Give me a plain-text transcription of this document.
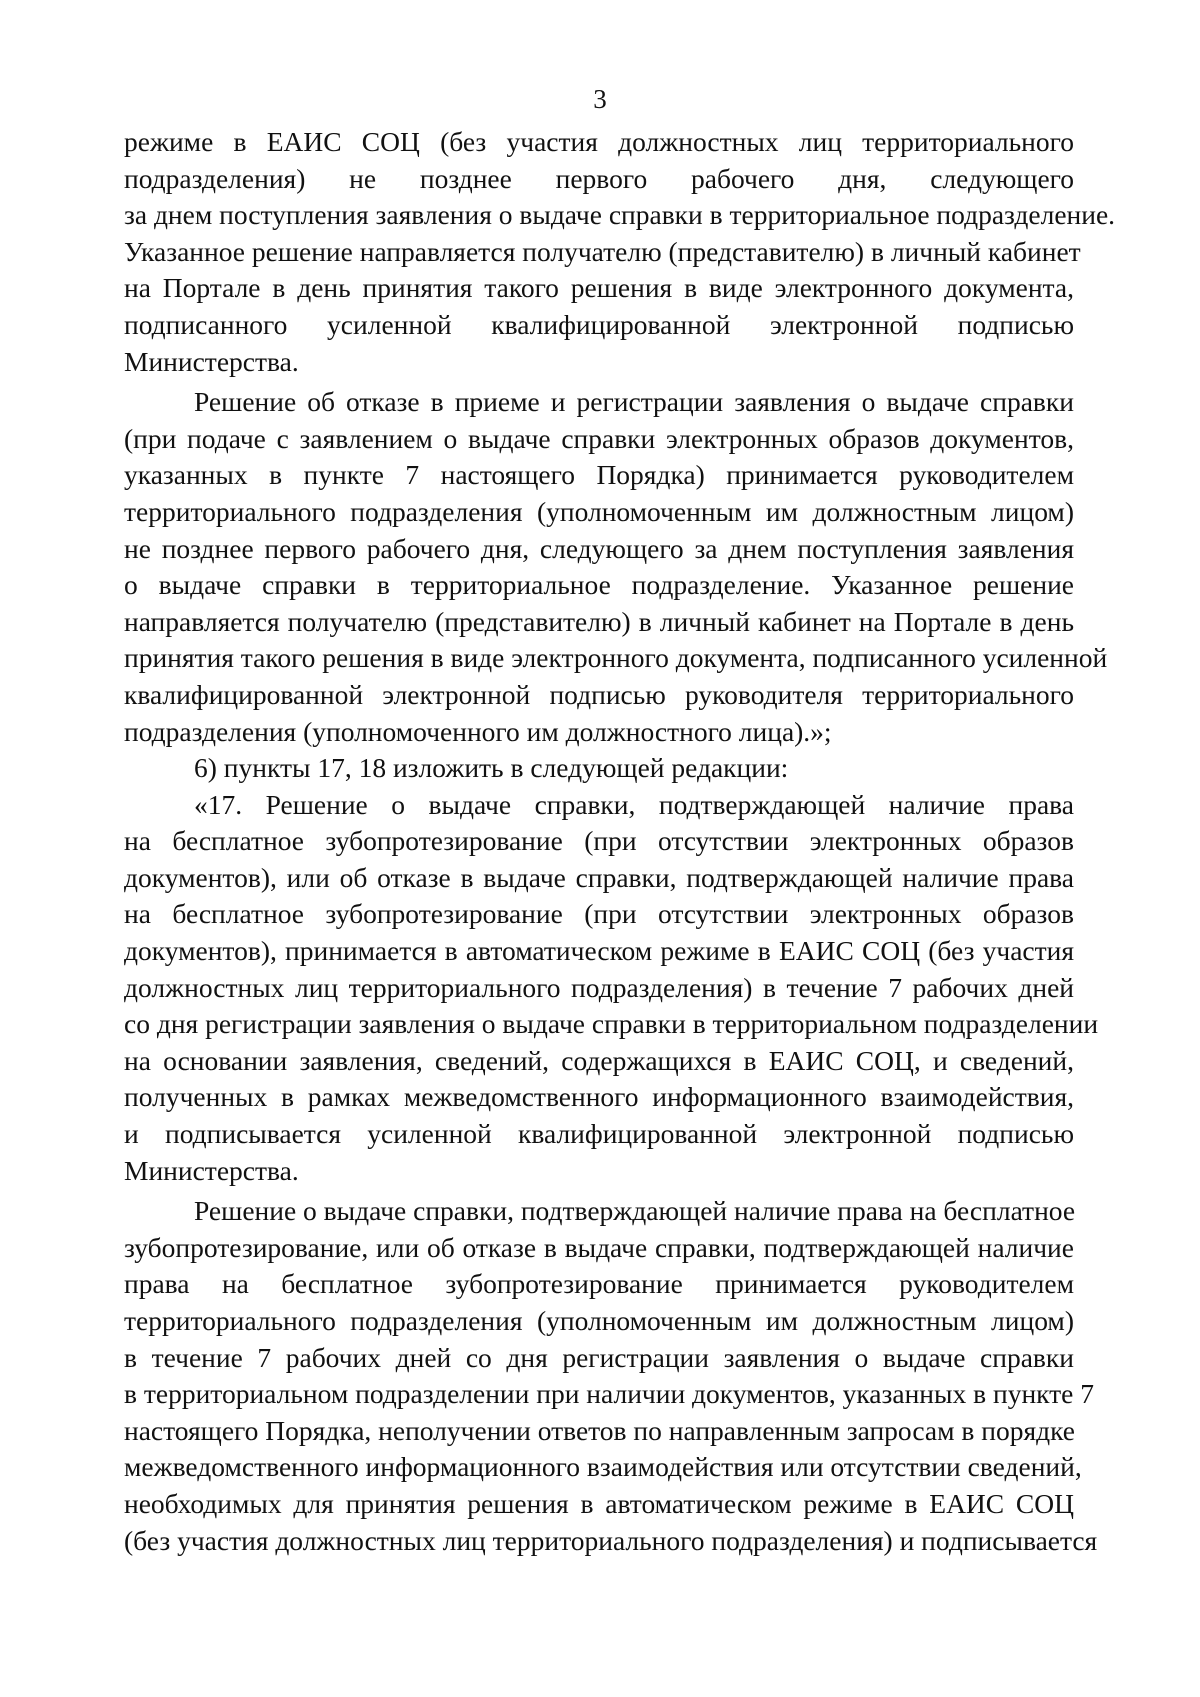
3

режиме в ЕАИС СОЦ (без участия должностных лиц территориального
подразделения) не позднее первого рабочего дня, следующего
за днем поступления заявления о выдаче справки в территориальное подразделение.
Указанное решение направляется получателю (представителю) в личный кабинет
на Портале в день принятия такого решения в виде электронного документа,
подписанного усиленной квалифицированной электронной подписью
Министерства.

Решение об отказе в приеме и регистрации заявления о выдаче справки
(при подаче с заявлением о выдаче справки электронных образов документов,
указанных в пункте 7 настоящего Порядка) принимается руководителем
территориального подразделения (уполномоченным им должностным лицом)
не позднее первого рабочего дня, следующего за днем поступления заявления
о выдаче справки в территориальное подразделение. Указанное решение
направляется получателю (представителю) в личный кабинет на Портале в день
принятия такого решения в виде электронного документа, подписанного усиленной
квалифицированной электронной подписью руководителя территориального
подразделения (уполномоченного им должностного лица).»;

6) пункты 17, 18 изложить в следующей редакции:

«17. Решение о выдаче справки, подтверждающей наличие права
на бесплатное зубопротезирование (при отсутствии электронных образов
документов), или об отказе в выдаче справки, подтверждающей наличие права
на бесплатное зубопротезирование (при отсутствии электронных образов
документов), принимается в автоматическом режиме в ЕАИС СОЦ (без участия
должностных лиц территориального подразделения) в течение 7 рабочих дней
со дня регистрации заявления о выдаче справки в территориальном подразделении
на основании заявления, сведений, содержащихся в ЕАИС СОЦ, и сведений,
полученных в рамках межведомственного информационного взаимодействия,
и подписывается усиленной квалифицированной электронной подписью
Министерства.

Решение о выдаче справки, подтверждающей наличие права на бесплатное
зубопротезирование, или об отказе в выдаче справки, подтверждающей наличие
права на бесплатное зубопротезирование принимается руководителем
территориального подразделения (уполномоченным им должностным лицом)
в течение 7 рабочих дней со дня регистрации заявления о выдаче справки
в территориальном подразделении при наличии документов, указанных в пункте 7
настоящего Порядка, неполучении ответов по направленным запросам в порядке
межведомственного информационного взаимодействия или отсутствии сведений,
необходимых для принятия решения в автоматическом режиме в ЕАИС СОЦ
(без участия должностных лиц территориального подразделения) и подписывается
